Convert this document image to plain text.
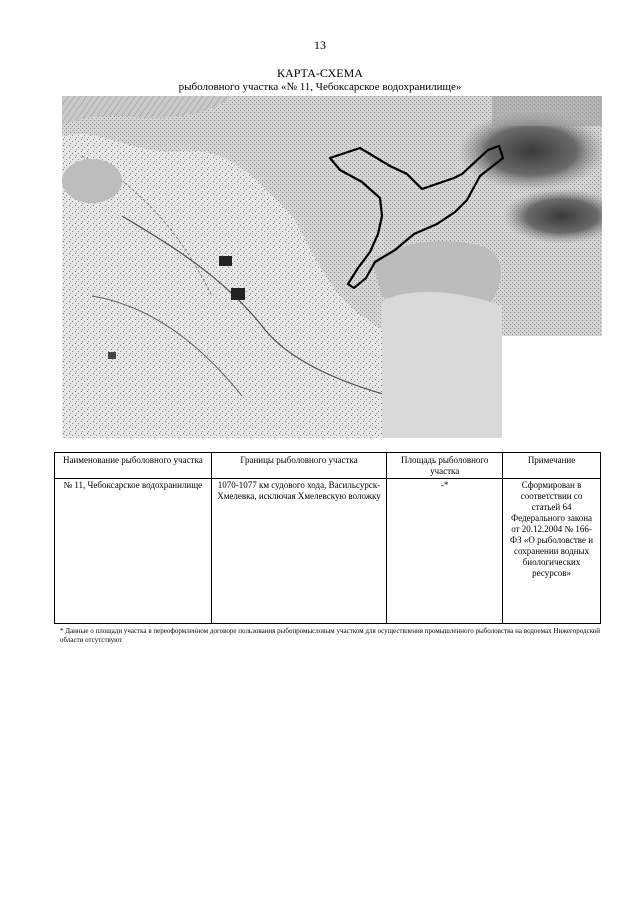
13
КАРТА-СХЕМА
рыболовного участка «№ 11, Чебоксарское водохранилище»
Наименование рыболовного участка	Границы рыболовного участка	Площадь рыболовного участка	Примечание
№ 11, Чебоксарское водохранилище	1070-1077 км судового хода, Васильсурск-Хмелевка, исключая Хмелевскую воложку	-*	Сформирован в соответствии со статьей 64 Федерального закона от 20.12.2004 № 166-ФЗ «О рыболовстве и сохранении водных биологических ресурсов»
* Данные о площади участка в переоформленном договоре пользования рыбопромысловым участком для осуществления промышленного рыболовства на водоемах Нижегородской области отсутствуют
